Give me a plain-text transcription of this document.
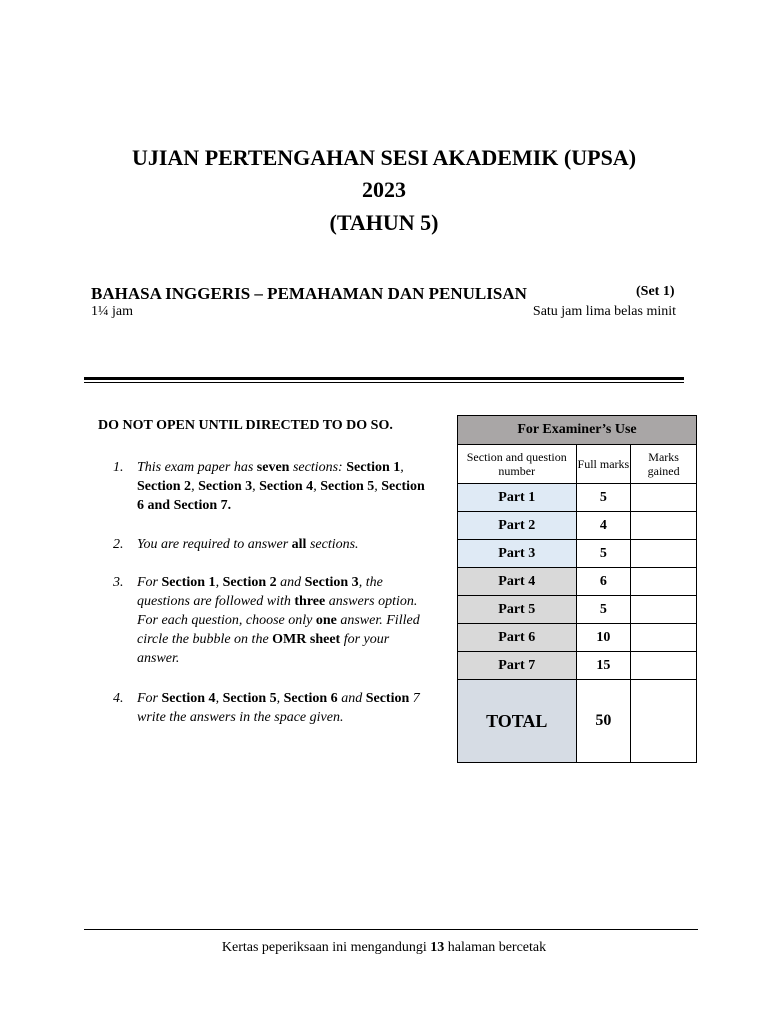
UJIAN PERTENGAHAN SESI AKADEMIK (UPSA)
2023
(TAHUN 5)
BAHASA INGGERIS – PEMAHAMAN DAN PENULISAN	(Set 1)
1¼ jam	Satu jam lima belas minit
DO NOT OPEN UNTIL DIRECTED TO DO SO.
1. This exam paper has seven sections: Section 1, Section 2, Section 3, Section 4, Section 5, Section 6 and Section 7.
2. You are required to answer all sections.
3. For Section 1, Section 2 and Section 3, the questions are followed with three answers option. For each question, choose only one answer. Filled circle the bubble on the OMR sheet for your answer.
4. For Section 4, Section 5, Section 6 and Section 7 write the answers in the space given.
For Examiner’s Use		
Section and question number	Full marks	Marks gained
Part 1	5	
Part 2	4	
Part 3	5	
Part 4	6	
Part 5	5	
Part 6	10	
Part 7	15	
TOTAL	50	
Kertas peperiksaan ini mengandungi 13 halaman bercetak
